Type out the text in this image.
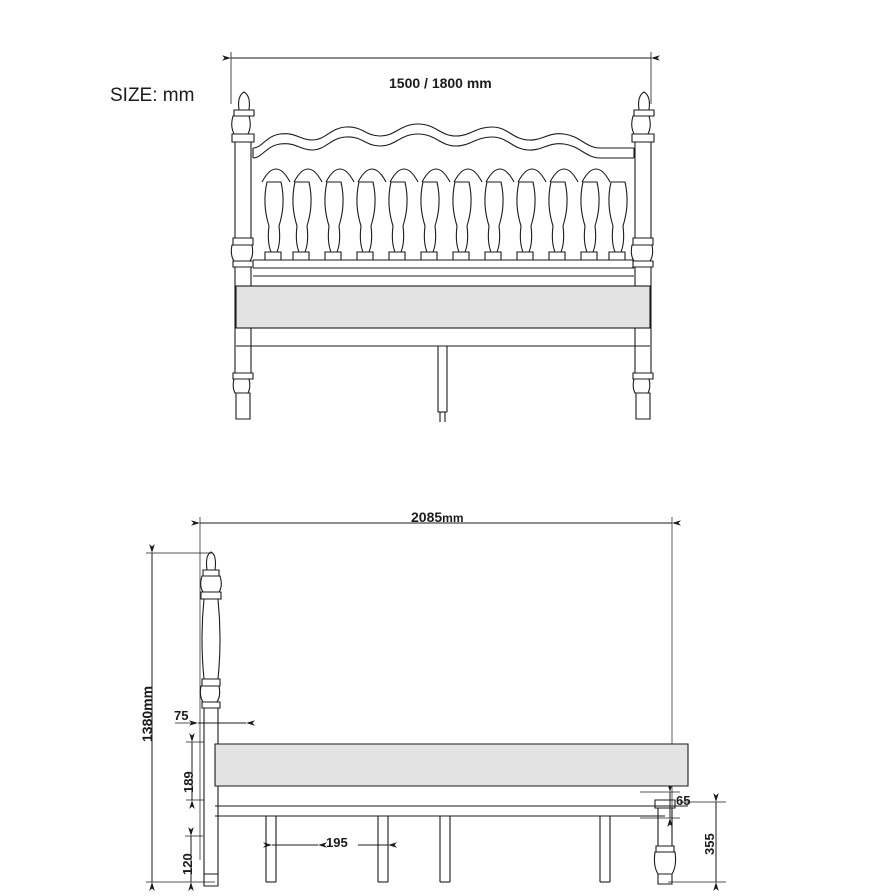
SIZE: mm
1500 / 1800 mm
2085mm
1380mm
75
189
120
195
65
355
